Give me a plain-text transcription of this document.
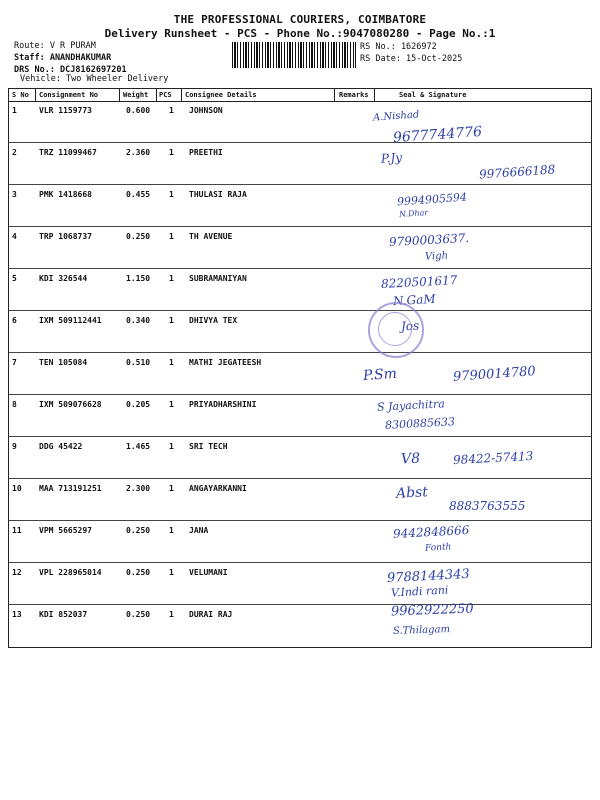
THE PROFESSIONAL COURIERS, COIMBATORE
Delivery Runsheet - PCS - Phone No.:9047080280 - Page No.:1
Route: V R PURAM
Staff: ANANDHAKUMAR
DRS No.: DCJ8162697201
Vehicle: Two Wheeler Delivery
RS No.: 1626972
RS Date: 15-Oct-2025
S No Consignment No	Weight PCS Consignee Details	Remarks	Seal & Signature
1	VLR 1159773	0.600 1 JOHNSON	A.Nishad
9677744776
2	TRZ 11099467	2.360 1 PREETHI	P.Jy
9976666188
3	PMK 1418668	0.455 1 THULASI RAJA	9994905594
N.Dhar
4	TRP 1068737	0.250 1 TH AVENUE	9790003637.
Vigh
5	KDI 326544	1.150 1 SUBRAMANIYAN	8220501617
N.GaM
6	IXM 509112441	0.340 1 DHIVYA TEX	Jos
7	TEN 105084	0.510 1 MATHI JEGATEESH
P.Sm	9790014780
8	IXM 509076628	0.205 1 PRIYADHARSHINI	S Jayachitra
8300885633
9	DDG 45422	1.465 1 SRI TECH
V8	98422-57413
10 MAA 713191251	2.300 1 ANGAYARKANNI	Abst
8883763555
11 VPM 5665297	0.250 1 JANA	9442848666
Fonth
12 VPL 228965014	0.250 1 VELUMANI	9788144343
V.Indi rani
13 KDI 852037	0.250 1 DURAI RAJ	9962922250
S.Thilagam
